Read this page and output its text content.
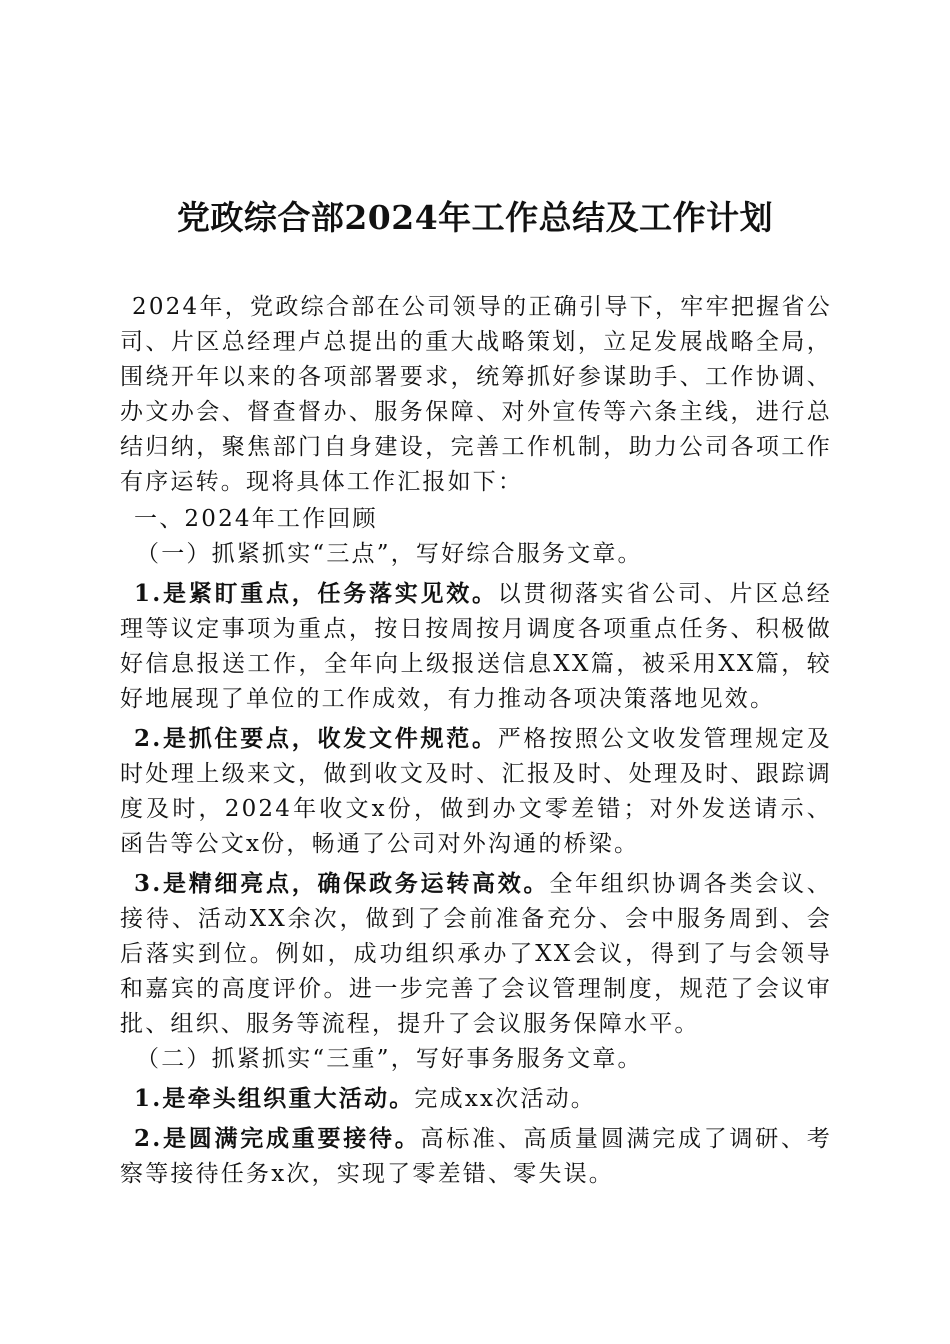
党政综合部2024年工作总结及工作计划

2024年，党政综合部在公司领导的正确引导下，牢牢把握省公司、片区总经理卢总提出的重大战略策划，立足发展战略全局，围绕开年以来的各项部署要求，统筹抓好参谋助手、工作协调、办文办会、督查督办、服务保障、对外宣传等六条主线，进行总结归纳，聚焦部门自身建设，完善工作机制，助力公司各项工作有序运转。现将具体工作汇报如下：

一、2024年工作回顾

（一）抓紧抓实“三点”，写好综合服务文章。

1.是紧盯重点，任务落实见效。以贯彻落实省公司、片区总经理等议定事项为重点，按日按周按月调度各项重点任务、积极做好信息报送工作，全年向上级报送信息XX篇，被采用XX篇，较好地展现了单位的工作成效，有力推动各项决策落地见效。

2.是抓住要点，收发文件规范。严格按照公文收发管理规定及时处理上级来文，做到收文及时、汇报及时、处理及时、跟踪调度及时，2024年收文x份，做到办文零差错；对外发送请示、函告等公文x份，畅通了公司对外沟通的桥梁。

3.是精细亮点，确保政务运转高效。全年组织协调各类会议、接待、活动XX余次，做到了会前准备充分、会中服务周到、会后落实到位。例如，成功组织承办了XX会议，得到了与会领导和嘉宾的高度评价。进一步完善了会议管理制度，规范了会议审批、组织、服务等流程，提升了会议服务保障水平。

（二）抓紧抓实“三重”，写好事务服务文章。

1.是牵头组织重大活动。完成xx次活动。

2.是圆满完成重要接待。高标准、高质量圆满完成了调研、考察等接待任务x次，实现了零差错、零失误。
